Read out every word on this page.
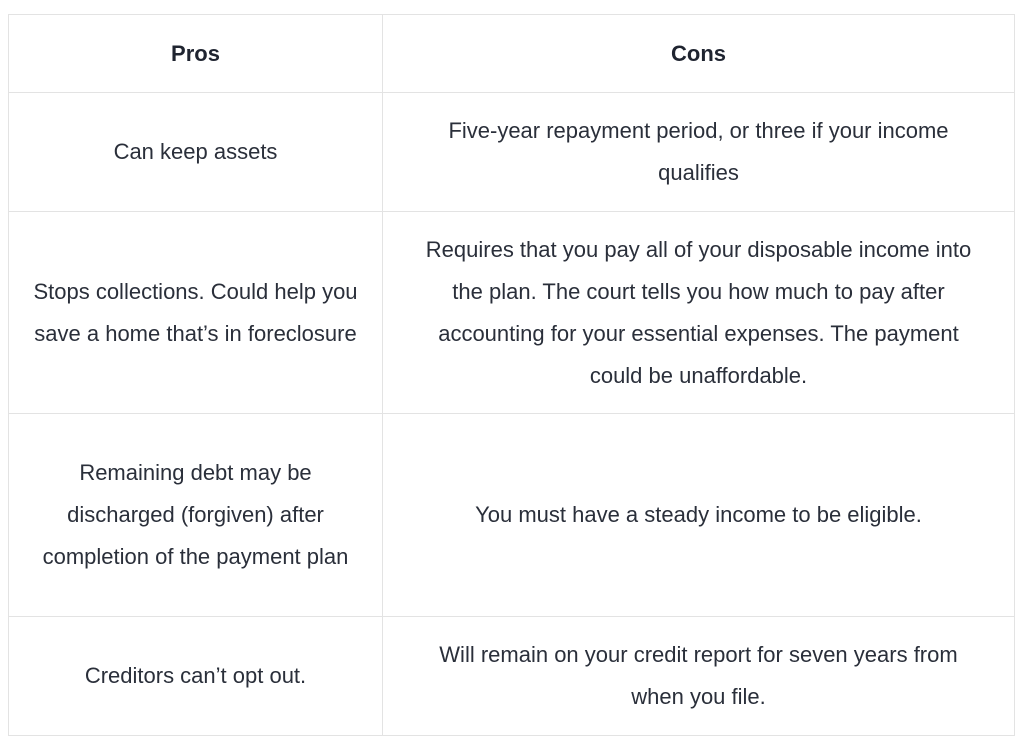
Pros	Cons
Can keep assets	Five-year repayment period, or three if your income qualifies
Stops collections. Could help you save a home that’s in foreclosure	Requires that you pay all of your disposable income into the plan. The court tells you how much to pay after accounting for your essential expenses. The payment could be unaffordable.
Remaining debt may be discharged (forgiven) after completion of the payment plan	You must have a steady income to be eligible.
Creditors can’t opt out.	Will remain on your credit report for seven years from when you file.
